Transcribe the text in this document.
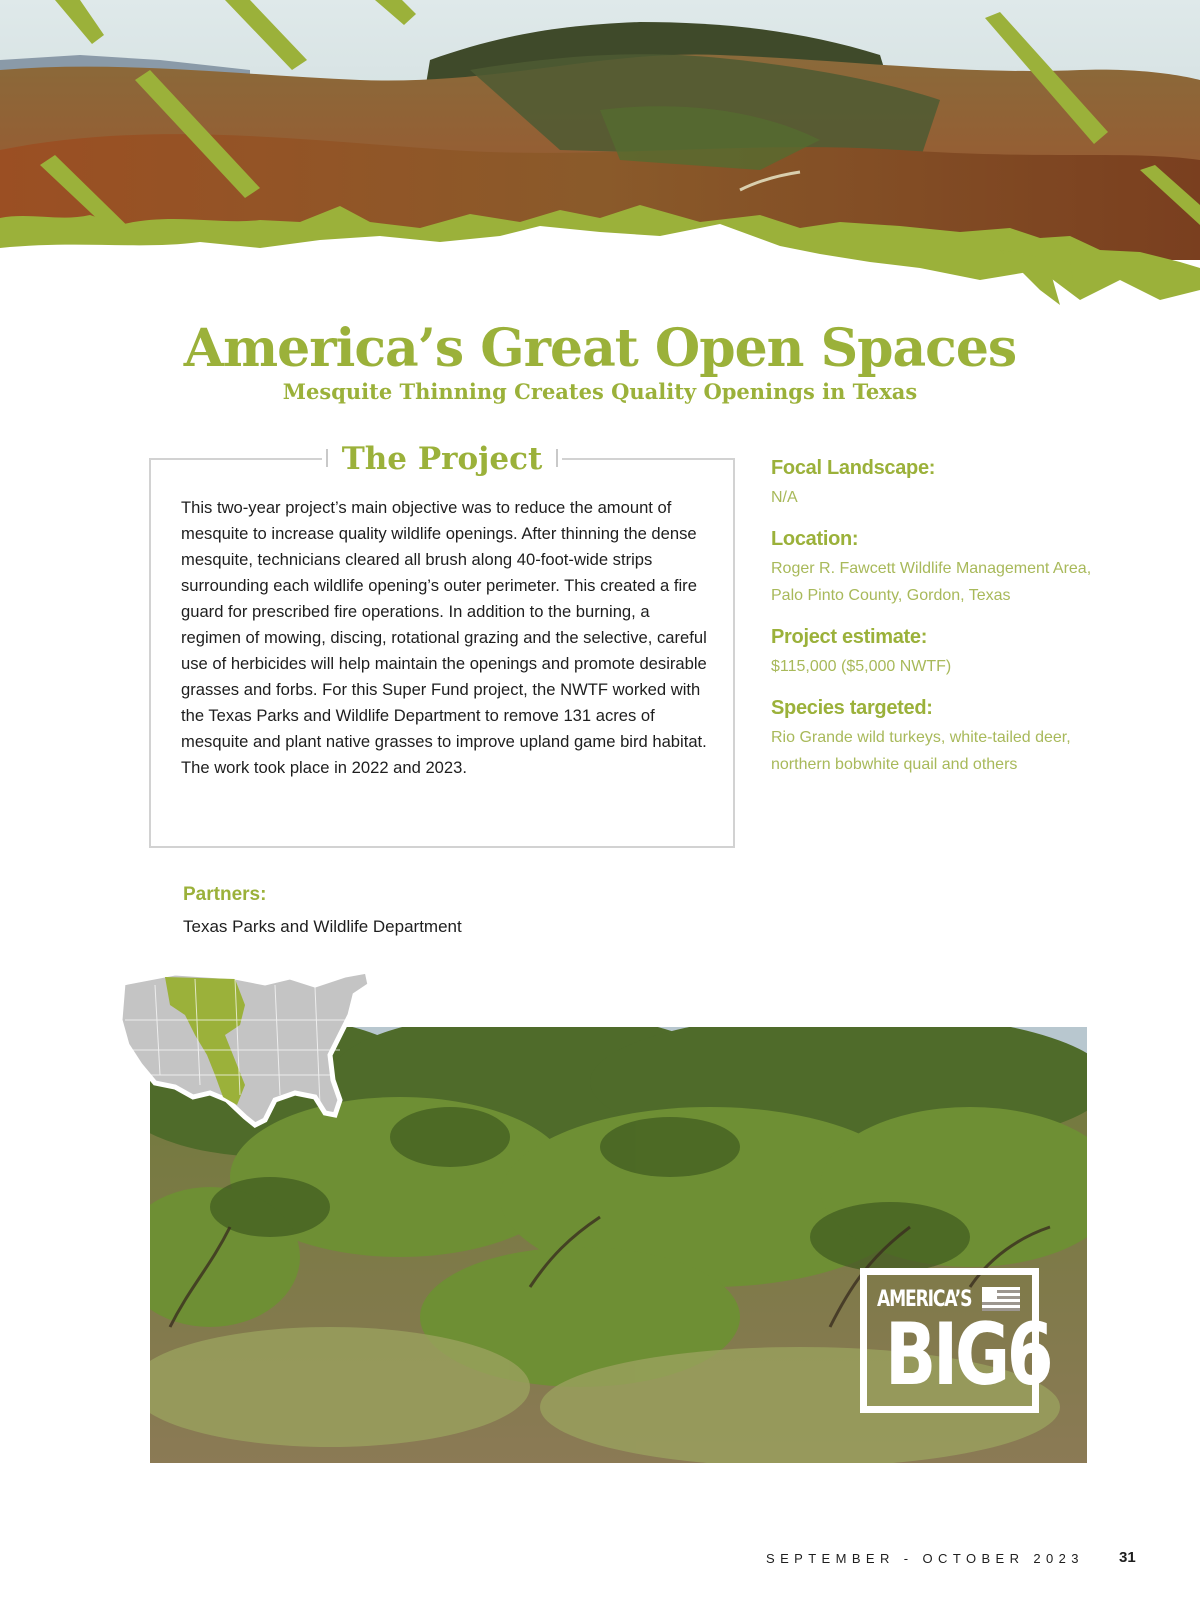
America’s Great Open Spaces
Mesquite Thinning Creates Quality Openings in Texas
The Project

This two-year project’s main objective was to reduce the amount of mesquite to increase quality wildlife openings. After thinning the dense mesquite, technicians cleared all brush along 40-foot-wide strips surrounding each wildlife opening’s outer perimeter. This created a fire guard for prescribed fire operations. In addition to the burning, a regimen of mowing, discing, rotational grazing and the selective, careful use of herbicides will help maintain the openings and promote desirable grasses and forbs. For this Super Fund project, the NWTF worked with the Texas Parks and Wildlife Department to remove 131 acres of mesquite and plant native grasses to improve upland game bird habitat. The work took place in 2022 and 2023.

Focal Landscape:

N/A

Location:

Roger R. Fawcett Wildlife Management Area, Palo Pinto County, Gordon, Texas

Project estimate:

$115,000 ($5,000 NWTF)

Species targeted:

Rio Grande wild turkeys, white-tailed deer, northern bobwhite quail and others

Partners:

Texas Parks and Wildlife Department

AMERICA’S
BIG6

SEPTEMBER - OCTOBER 2023 31
